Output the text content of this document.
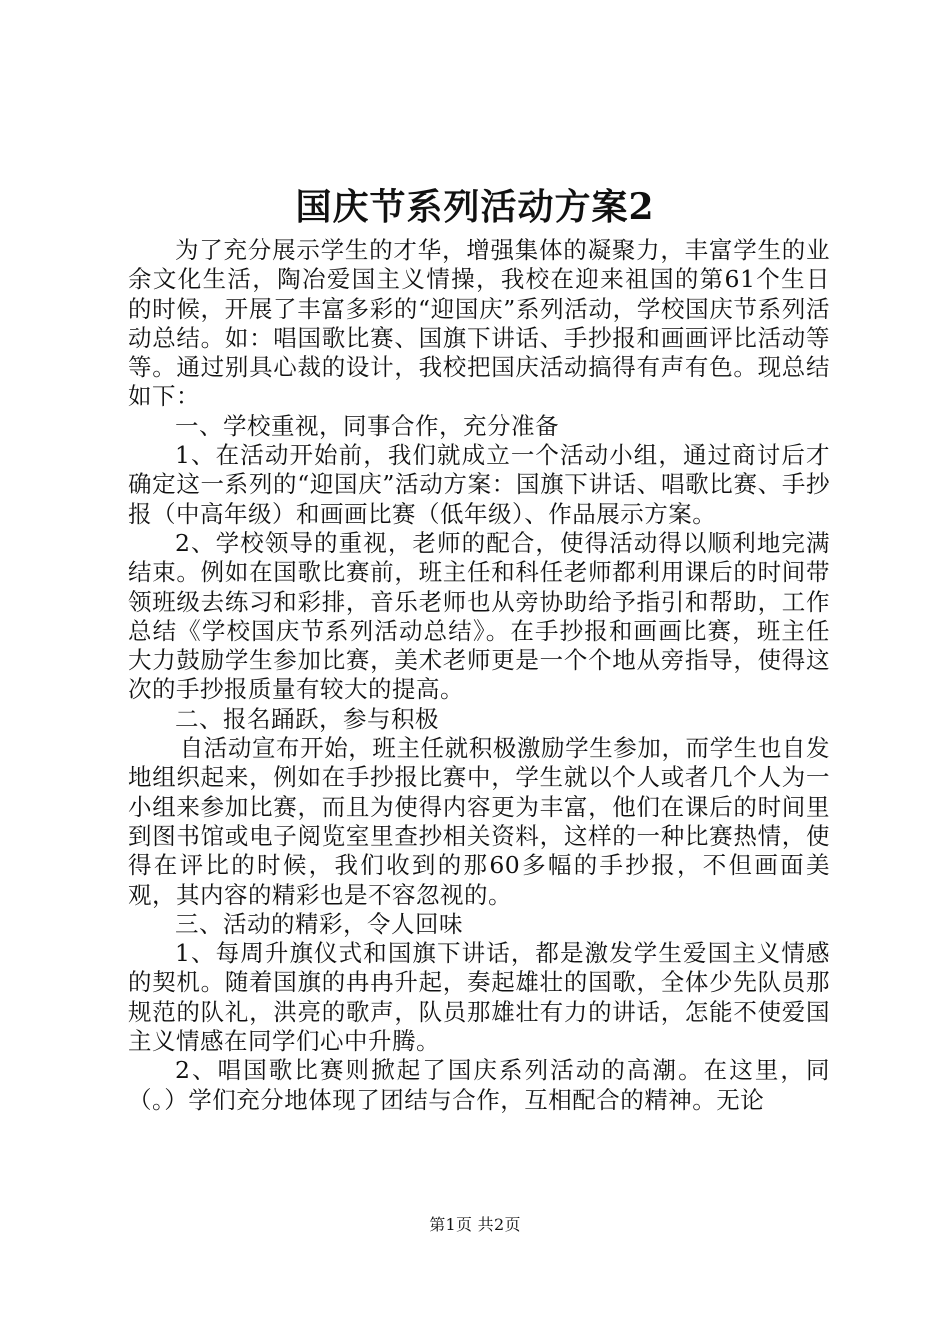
国庆节系列活动方案2

为了充分展示学生的才华，增强集体的凝聚力，丰富学生的业余文化生活，陶冶爱国主义情操，我校在迎来祖国的第61个生日的时候，开展了丰富多彩的“迎国庆”系列活动，学校国庆节系列活动总结。如：唱国歌比赛、国旗下讲话、手抄报和画画评比活动等等。通过别具心裁的设计，我校把国庆活动搞得有声有色。现总结如下：

一、学校重视，同事合作，充分准备

1、在活动开始前，我们就成立一个活动小组，通过商讨后才确定这一系列的“迎国庆”活动方案：国旗下讲话、唱歌比赛、手抄报（中高年级）和画画比赛（低年级）、作品展示方案。

2、学校领导的重视，老师的配合，使得活动得以顺利地完满结束。例如在国歌比赛前，班主任和科任老师都利用课后的时间带领班级去练习和彩排，音乐老师也从旁协助给予指引和帮助，工作总结《学校国庆节系列活动总结》。在手抄报和画画比赛，班主任大力鼓励学生参加比赛，美术老师更是一个个地从旁指导，使得这次的手抄报质量有较大的提高。

二、报名踊跃，参与积极

自活动宣布开始，班主任就积极激励学生参加，而学生也自发地组织起来，例如在手抄报比赛中，学生就以个人或者几个人为一小组来参加比赛，而且为使得内容更为丰富，他们在课后的时间里到图书馆或电子阅览室里查抄相关资料，这样的一种比赛热情，使得在评比的时候，我们收到的那60多幅的手抄报，不但画面美观，其内容的精彩也是不容忽视的。

三、活动的精彩，令人回味

1、每周升旗仪式和国旗下讲话，都是激发学生爱国主义情感的契机。随着国旗的冉冉升起，奏起雄壮的国歌，全体少先队员那规范的队礼，洪亮的歌声，队员那雄壮有力的讲话，怎能不使爱国主义情感在同学们心中升腾。

2、唱国歌比赛则掀起了国庆系列活动的高潮。在这里，同（。）学们充分地体现了团结与合作，互相配合的精神。无论

第1页 共2页
